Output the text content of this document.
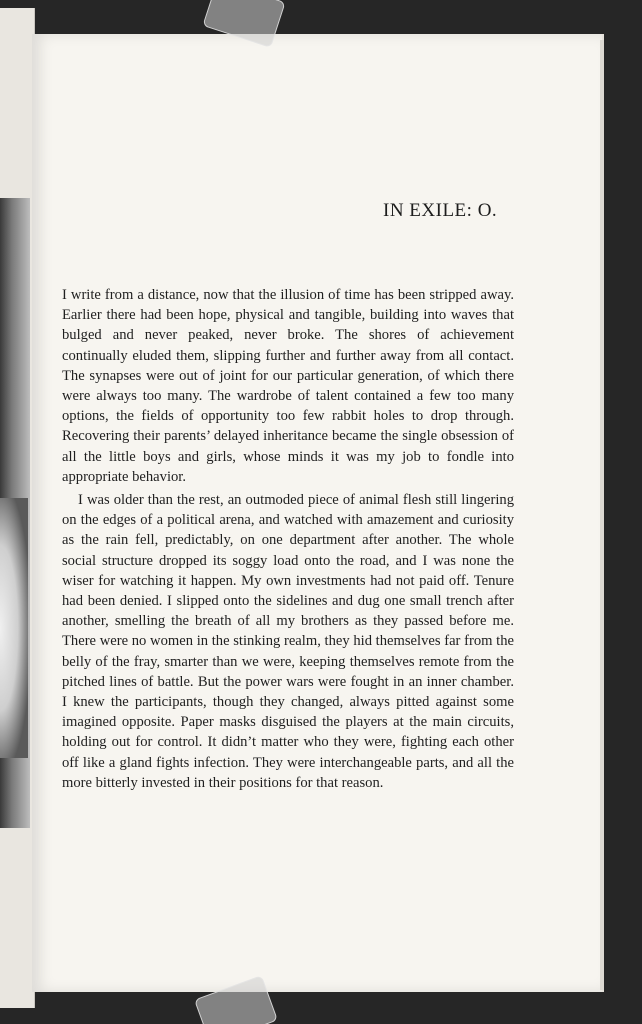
IN EXILE: O.

I write from a distance, now that the illusion of time has been stripped away. Earlier there had been hope, physical and tangible, building into waves that bulged and never peaked, never broke. The shores of achievement continually eluded them, slipping further and further away from all contact. The synapses were out of joint for our particular generation, of which there were always too many. The wardrobe of talent contained a few too many options, the fields of opportunity too few rabbit holes to drop through. Recovering their parents’ delayed inheritance became the single obsession of all the little boys and girls, whose minds it was my job to fondle into appropriate behavior.

I was older than the rest, an outmoded piece of animal flesh still lingering on the edges of a political arena, and watched with amazement and curiosity as the rain fell, predictably, on one department after another. The whole social structure dropped its soggy load onto the road, and I was none the wiser for watching it happen. My own investments had not paid off. Tenure had been denied. I slipped onto the sidelines and dug one small trench after another, smelling the breath of all my brothers as they passed before me. There were no women in the stinking realm, they hid themselves far from the belly of the fray, smarter than we were, keeping themselves remote from the pitched lines of battle. But the power wars were fought in an inner chamber. I knew the participants, though they changed, always pitted against some imagined opposite. Paper masks disguised the players at the main circuits, holding out for control. It didn’t matter who they were, fighting each other off like a gland fights infection. They were interchangeable parts, and all the more bitterly invested in their positions for that reason.
